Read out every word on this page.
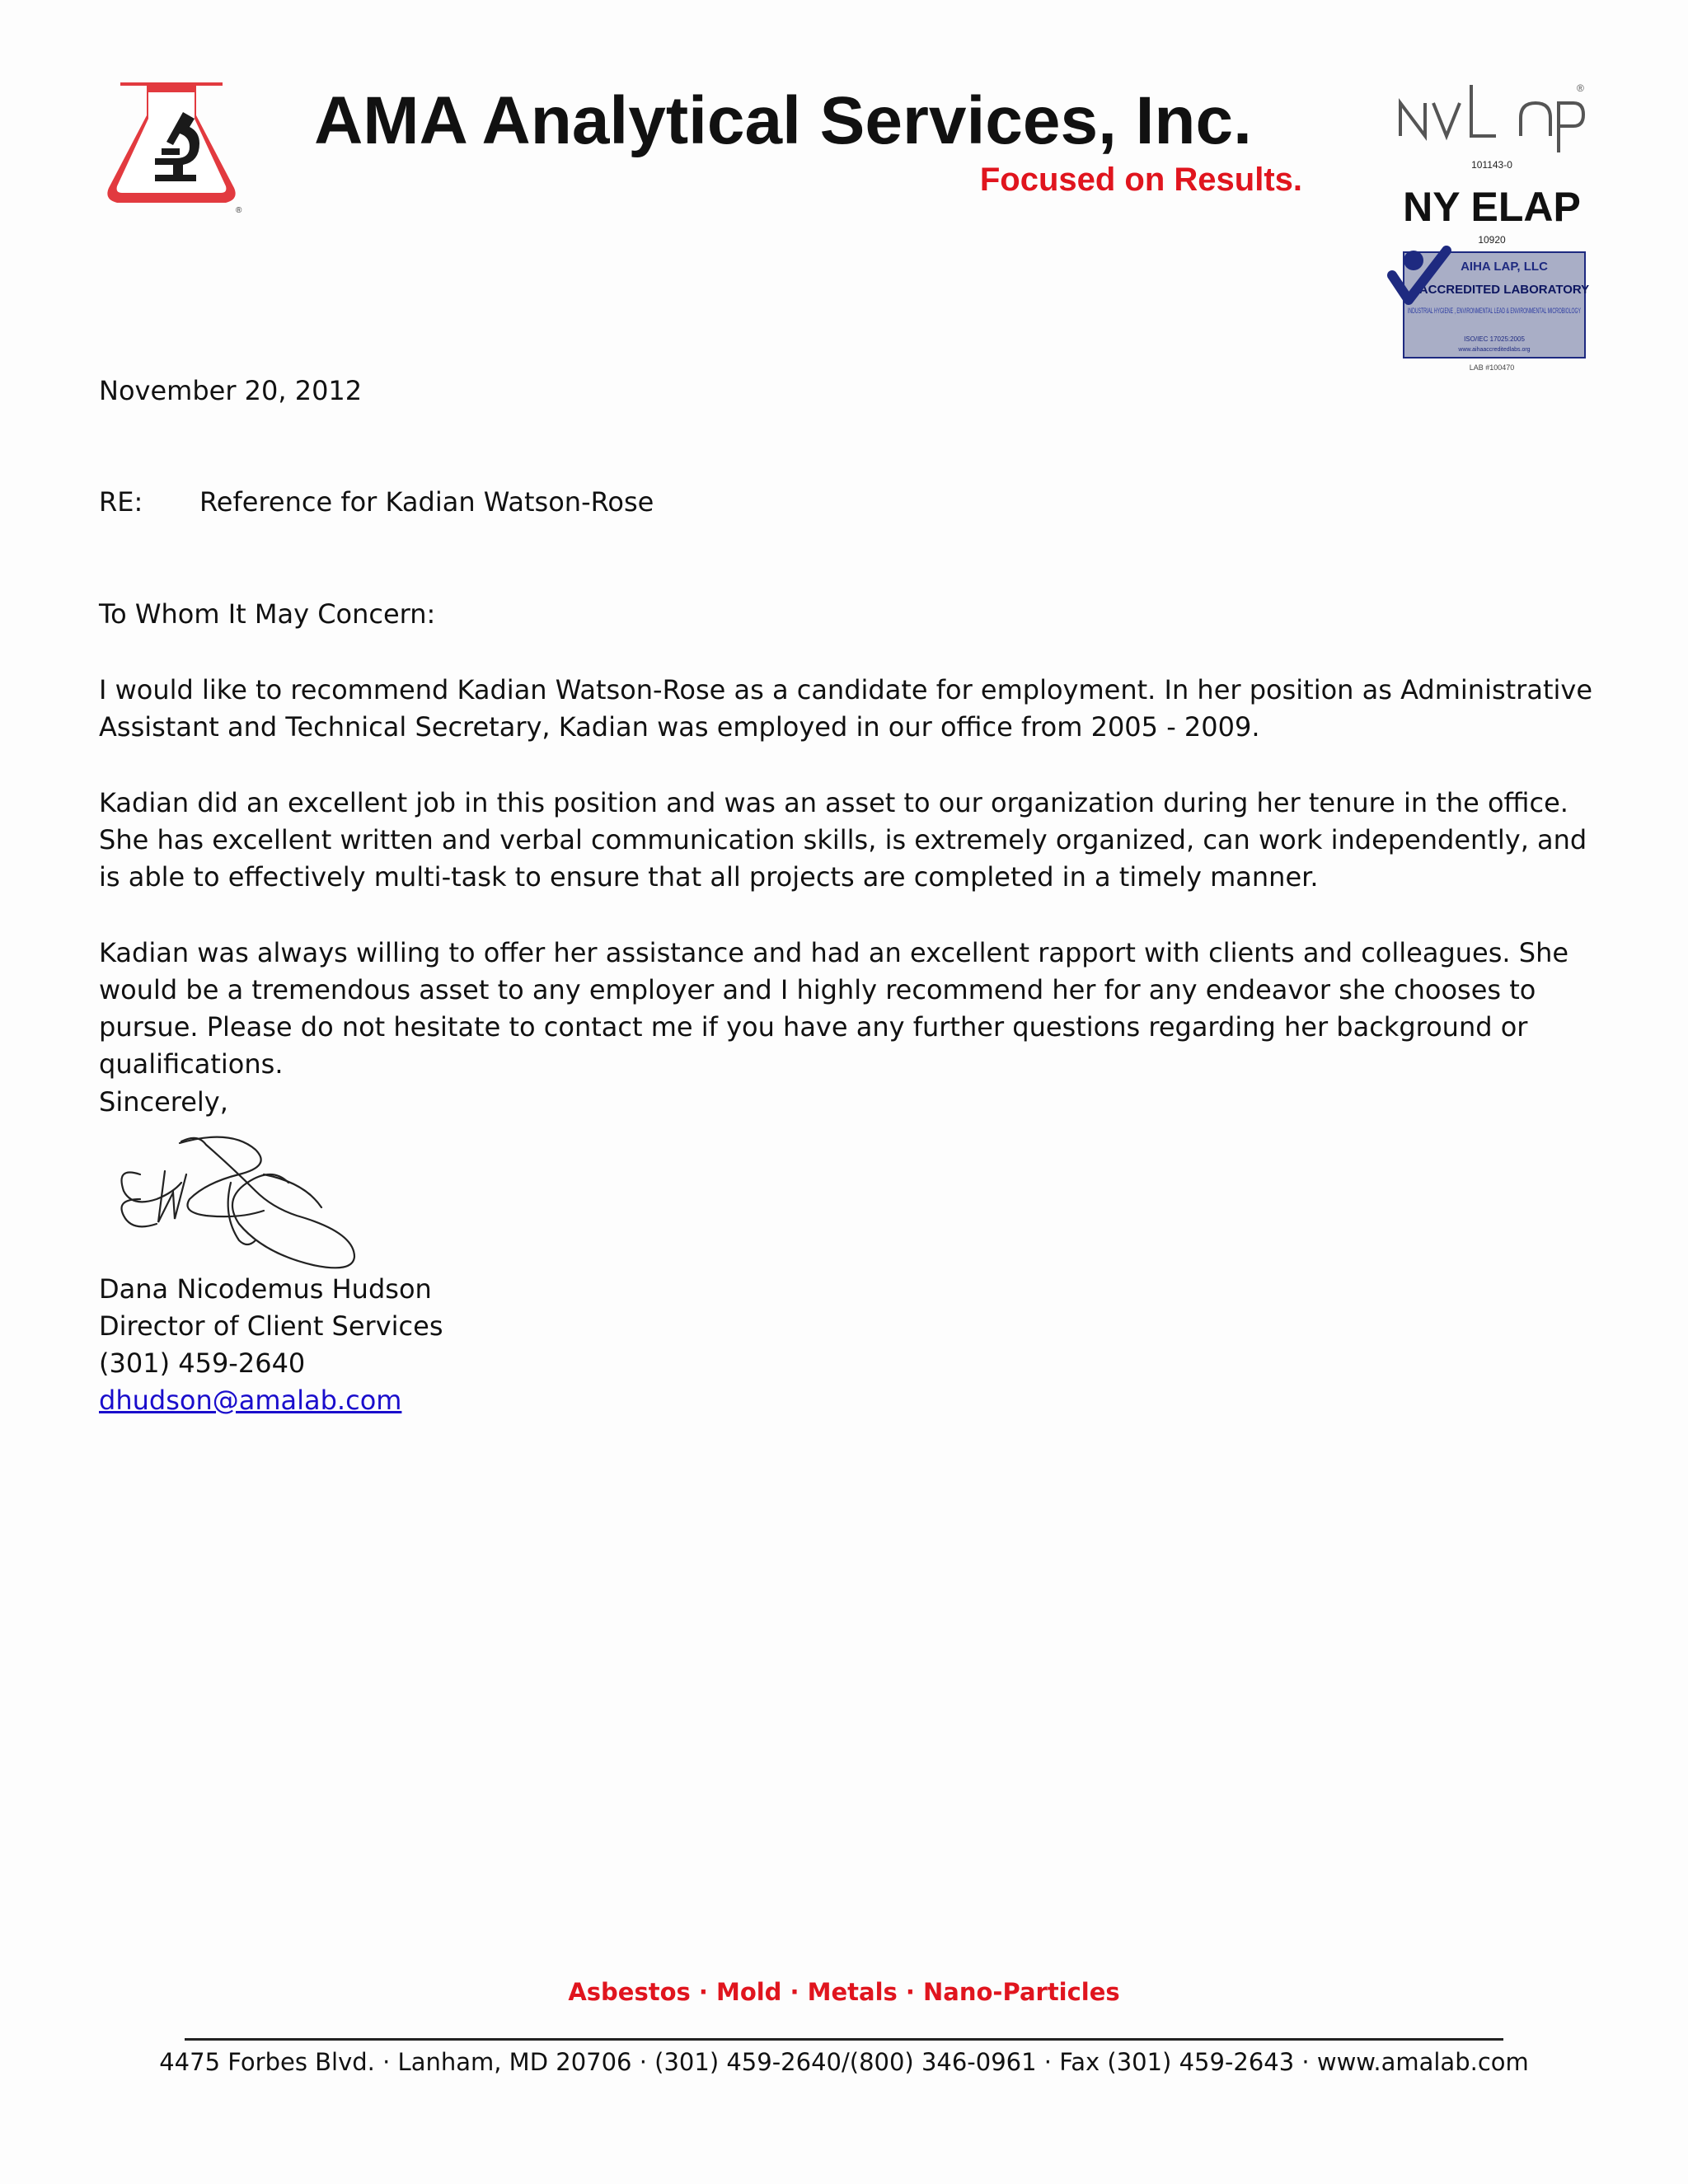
®
AMA Analytical Services, Inc.
Focused on Results.
®
101143-0
NY ELAP
10920
AIHA LAP, LLC
ACCREDITED LABORATORY
INDUSTRIAL HYGIENE , ENVIRONMENTAL LEAD & ENVIRONMENTAL MICROBIOLOGY
ISO/IEC 17025:2005
www.aihaaccreditedlabs.org
LAB #100470
November 20, 2012
RE: Reference for Kadian Watson-Rose
To Whom It May Concern:
I would like to recommend Kadian Watson-Rose as a candidate for employment. In her position as Administrative Assistant and Technical Secretary, Kadian was employed in our office from 2005 - 2009.
Kadian did an excellent job in this position and was an asset to our organization during her tenure in the office. She has excellent written and verbal communication skills, is extremely organized, can work independently, and is able to effectively multi-task to ensure that all projects are completed in a timely manner.
Kadian was always willing to offer her assistance and had an excellent rapport with clients and colleagues. She would be a tremendous asset to any employer and I highly recommend her for any endeavor she chooses to pursue. Please do not hesitate to contact me if you have any further questions regarding her background or qualifications.
Sincerely,
Dana Nicodemus Hudson
Director of Client Services
(301) 459-2640
dhudson@amalab.com
Asbestos · Mold · Metals · Nano-Particles
4475 Forbes Blvd. · Lanham, MD 20706 · (301) 459-2640/(800) 346-0961 · Fax (301) 459-2643 · www.amalab.com
